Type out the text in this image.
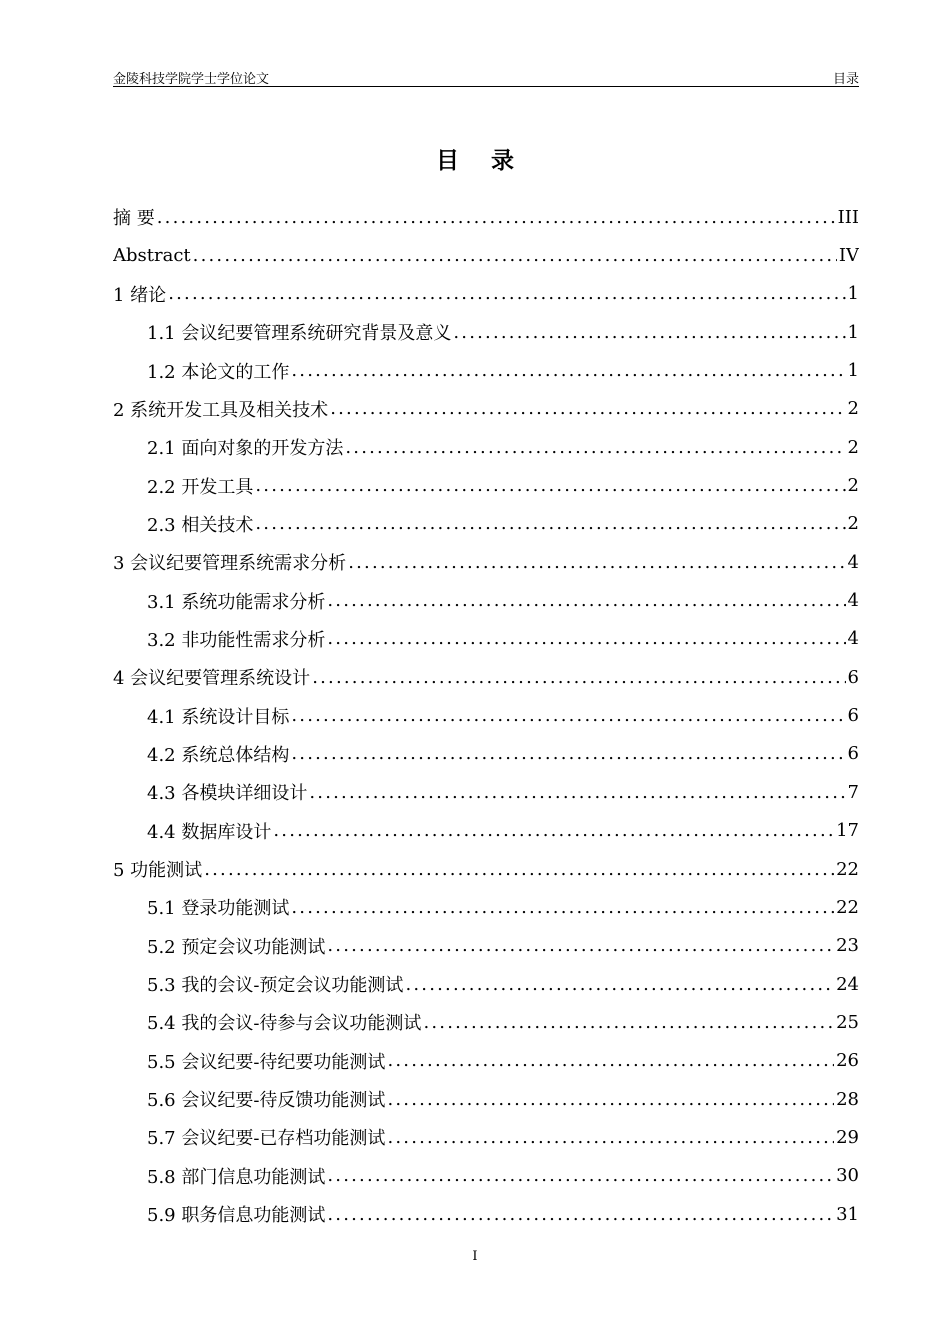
金陵科技学院学士学位论文	目录
目 录
摘 要 .....	III
Abstract .....	IV
1 绪论 .....	1
1.1 会议纪要管理系统研究背景及意义 .....	1
1.2 本论文的工作 .....	1
2 系统开发工具及相关技术 .....	2
2.1 面向对象的开发方法 .....	2
2.2 开发工具 .....	2
2.3 相关技术 .....	2
3 会议纪要管理系统需求分析 .....	4
3.1 系统功能需求分析 .....	4
3.2 非功能性需求分析 .....	4
4 会议纪要管理系统设计 .....	6
4.1 系统设计目标 .....	6
4.2 系统总体结构 .....	6
4.3 各模块详细设计 .....	7
4.4 数据库设计 .....	17
5 功能测试 .....	22
5.1 登录功能测试 .....	22
5.2 预定会议功能测试 .....	23
5.3 我的会议-预定会议功能测试 .....	24
5.4 我的会议-待参与会议功能测试 .....	25
5.5 会议纪要-待纪要功能测试 .....	26
5.6 会议纪要-待反馈功能测试 .....	28
5.7 会议纪要-已存档功能测试 .....	29
5.8 部门信息功能测试 .....	30
5.9 职务信息功能测试 .....	31
I
